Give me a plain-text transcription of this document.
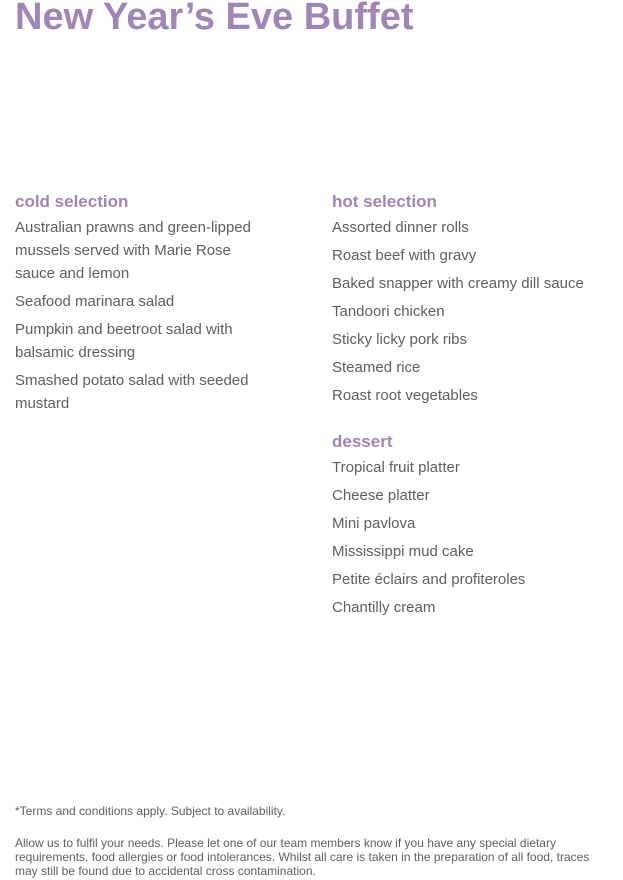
New Year’s Eve Buffet
cold selection
Australian prawns and green-lipped mussels served with Marie Rose sauce and lemon
Seafood marinara salad
Pumpkin and beetroot salad with balsamic dressing
Smashed potato salad with seeded mustard
hot selection
Assorted dinner rolls
Roast beef with gravy
Baked snapper with creamy dill sauce
Tandoori chicken
Sticky licky pork ribs
Steamed rice
Roast root vegetables
dessert
Tropical fruit platter
Cheese platter
Mini pavlova
Mississippi mud cake
Petite éclairs and profiteroles
Chantilly cream

*Terms and conditions apply. Subject to availability.

Allow us to fulfil your needs. Please let one of our team members know if you have any special dietary requirements, food allergies or food intolerances. Whilst all care is taken in the preparation of all food, traces may still be found due to accidental cross contamination.
